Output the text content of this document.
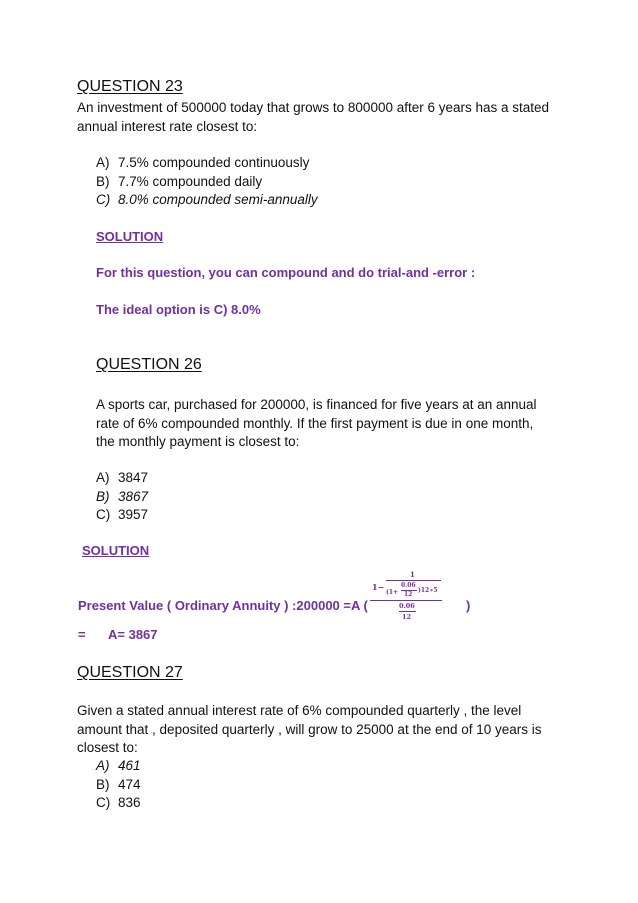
QUESTION 23
An investment of 500000 today that grows to 800000 after 6 years has a stated
annual interest rate closest to:
A) 7.5% compounded continuously
B) 7.7% compounded daily
C) 8.0% compounded semi-annually
SOLUTION
For this question, you can compound and do trial-and -error :
The ideal option is C) 8.0%
QUESTION 26
A sports car, purchased for 200000, is financed for five years at an annual
rate of 6% compounded monthly. If the first payment is due in one month,
the monthly payment is closest to:
A) 3847
B) 3867
C) 3957
SOLUTION
Present Value ( Ordinary Annuity ) :200000 =A (	)
1−
1
(1+
0.06
12
)12∗5
0.06
12
= A= 3867
QUESTION 27
Given a stated annual interest rate of 6% compounded quarterly , the level
amount that , deposited quarterly , will grow to 25000 at the end of 10 years is
closest to:
A) 461
B) 474
C) 836
